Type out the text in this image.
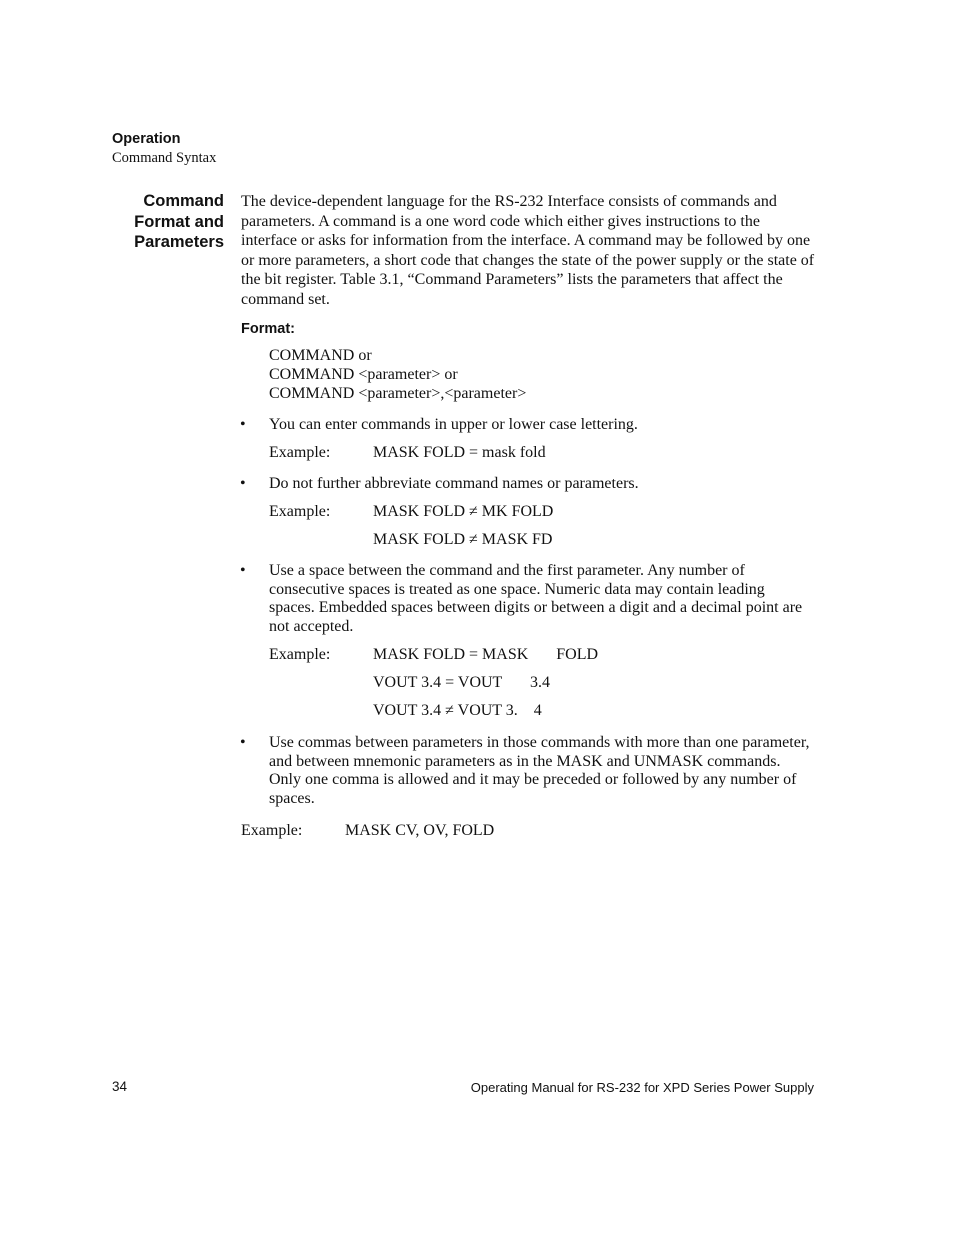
Operation
Command Syntax
Command
Format and
Parameters
The device-dependent language for the RS-232 Interface consists of commands and parameters. A command is a one word code which either gives instructions to the interface or asks for information from the interface. A command may be followed by one or more parameters, a short code that changes the state of the power supply or the state of the bit register. Table 3.1, “Command Parameters” lists the parameters that affect the command set.
Format:
COMMAND or
COMMAND <parameter> or
COMMAND <parameter>,<parameter>
• You can enter commands in upper or lower case lettering.
Example:	MASK FOLD = mask fold
• Do not further abbreviate command names or parameters.
Example:	MASK FOLD ≠ MK FOLD
MASK FOLD ≠ MASK FD
• Use a space between the command and the first parameter. Any number of consecutive spaces is treated as one space. Numeric data may contain leading spaces. Embedded spaces between digits or between a digit and a decimal point are not accepted.
Example:	MASK FOLD = MASK       FOLD
VOUT 3.4 = VOUT       3.4
VOUT 3.4 ≠ VOUT 3.    4
• Use commas between parameters in those commands with more than one parameter, and between mnemonic parameters as in the MASK and UNMASK commands. Only one comma is allowed and it may be preceded or followed by any number of spaces.
Example:	MASK CV, OV, FOLD
34	Operating Manual for RS-232 for XPD Series Power Supply
